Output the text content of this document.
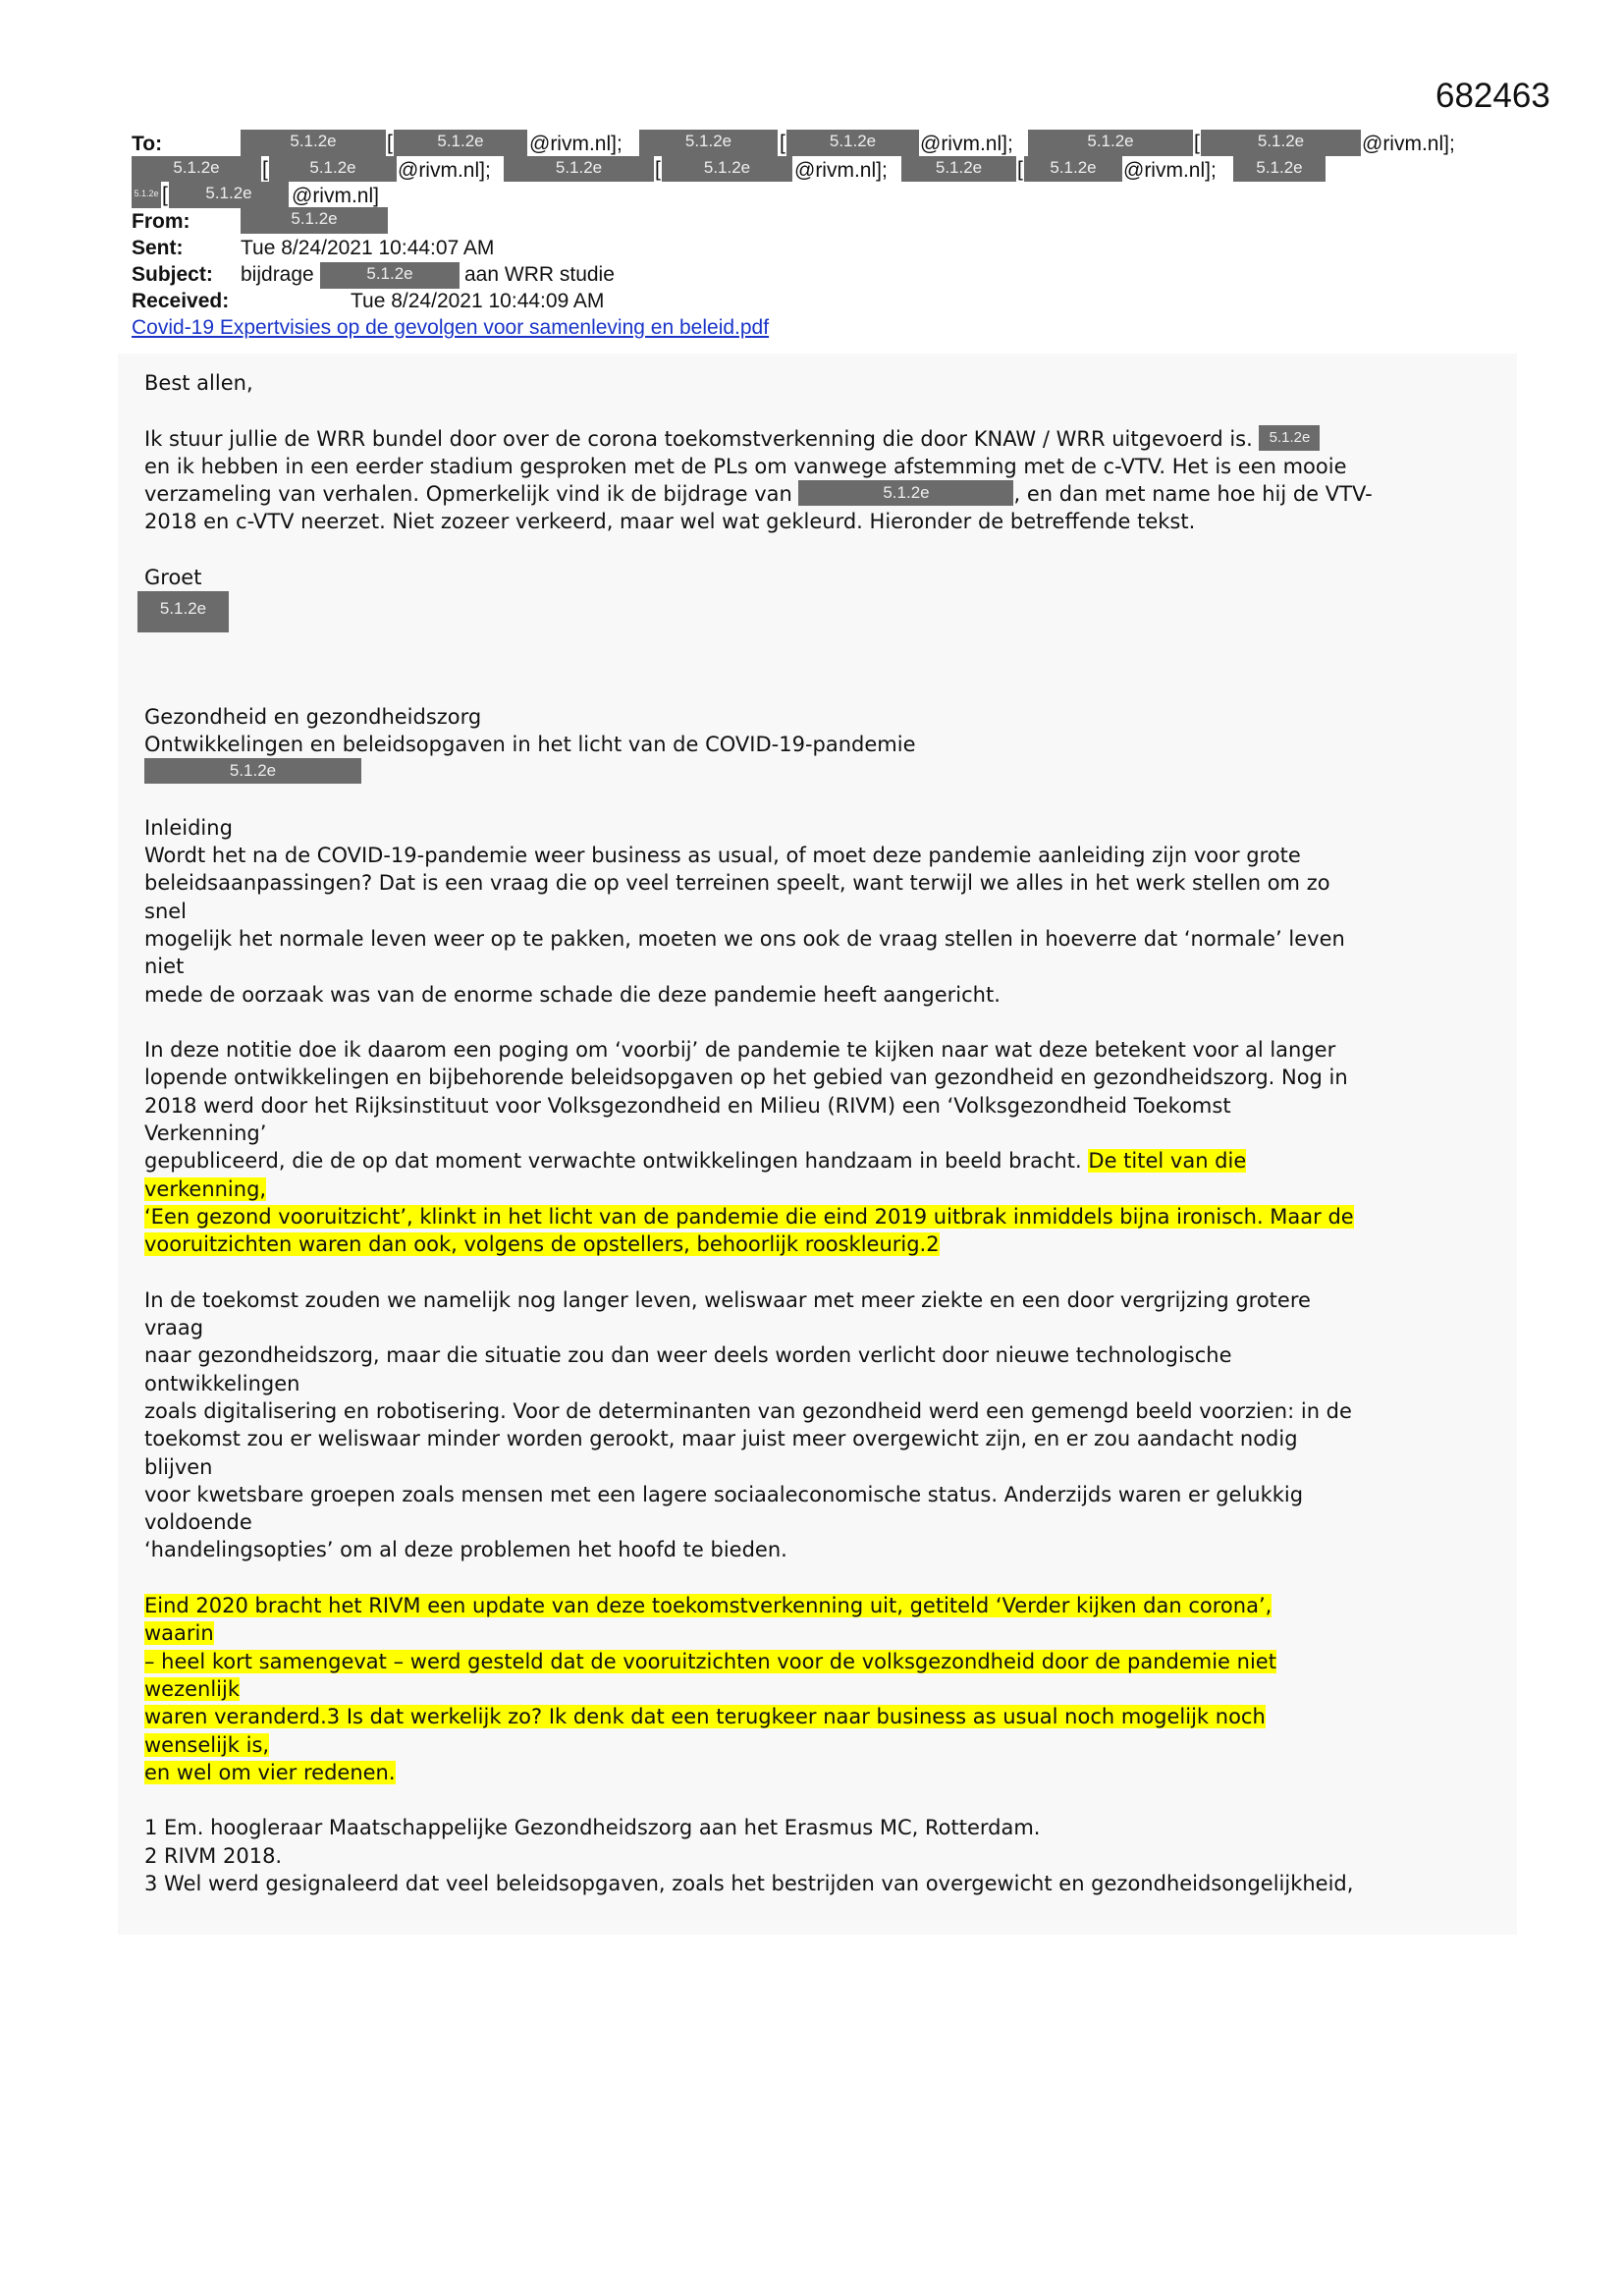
682463
To:	5.1.2e	[	5.1.2e	@rivm.nl];	5.1.2e	[	5.1.2e	@rivm.nl];	5.1.2e	[	5.1.2e	@rivm.nl];
5.1.2e	[	5.1.2e	@rivm.nl];	5.1.2e	[	5.1.2e	@rivm.nl];	5.1.2e	[	5.1.2e	@rivm.nl];	5.1.2e
5.1.2e [	5.1.2e	@rivm.nl]
From:	5.1.2e
Sent:	Tue 8/24/2021 10:44:07 AM
Subject: bijdrage	5.1.2e	aan WRR studie
Received:	Tue 8/24/2021 10:44:09 AM
Covid-19 Expertvisies op de gevolgen voor samenleving en beleid.pdf
Best allen,
Ik stuur jullie de WRR bundel door over de corona toekomstverkenning die door KNAW / WRR uitgevoerd is. 5.1.2e
en ik hebben in een eerder stadium gesproken met de PLs om vanwege afstemming met de c-VTV. Het is een mooie
verzameling van verhalen. Opmerkelijk vind ik de bijdrage van	5.1.2e	, en dan met name hoe hij de VTV-
2018 en c-VTV neerzet. Niet zozeer verkeerd, maar wel wat gekleurd. Hieronder de betreffende tekst.
Groet
5.1.2e
Gezondheid en gezondheidszorg
Ontwikkelingen en beleidsopgaven in het licht van de COVID-19-pandemie
5.1.2e
Inleiding
Wordt het na de COVID-19-pandemie weer business as usual, of moet deze pandemie aanleiding zijn voor grote
beleidsaanpassingen? Dat is een vraag die op veel terreinen speelt, want terwijl we alles in het werk stellen om zo
snel
mogelijk het normale leven weer op te pakken, moeten we ons ook de vraag stellen in hoeverre dat ‘normale’ leven
niet
mede de oorzaak was van de enorme schade die deze pandemie heeft aangericht.
In deze notitie doe ik daarom een poging om ‘voorbij’ de pandemie te kijken naar wat deze betekent voor al langer
lopende ontwikkelingen en bijbehorende beleidsopgaven op het gebied van gezondheid en gezondheidszorg. Nog in
2018 werd door het Rijksinstituut voor Volksgezondheid en Milieu (RIVM) een ‘Volksgezondheid Toekomst
Verkenning’
gepubliceerd, die de op dat moment verwachte ontwikkelingen handzaam in beeld bracht. De titel van die
verkenning,
‘Een gezond vooruitzicht’, klinkt in het licht van de pandemie die eind 2019 uitbrak inmiddels bijna ironisch. Maar de
vooruitzichten waren dan ook, volgens de opstellers, behoorlijk rooskleurig.2
In de toekomst zouden we namelijk nog langer leven, weliswaar met meer ziekte en een door vergrijzing grotere
vraag
naar gezondheidszorg, maar die situatie zou dan weer deels worden verlicht door nieuwe technologische
ontwikkelingen
zoals digitalisering en robotisering. Voor de determinanten van gezondheid werd een gemengd beeld voorzien: in de
toekomst zou er weliswaar minder worden gerookt, maar juist meer overgewicht zijn, en er zou aandacht nodig
blijven
voor kwetsbare groepen zoals mensen met een lagere sociaaleconomische status. Anderzijds waren er gelukkig
voldoende
‘handelingsopties’ om al deze problemen het hoofd te bieden.
Eind 2020 bracht het RIVM een update van deze toekomstverkenning uit, getiteld ‘Verder kijken dan corona’,
waarin
– heel kort samengevat – werd gesteld dat de vooruitzichten voor de volksgezondheid door de pandemie niet
wezenlijk
waren veranderd.3 Is dat werkelijk zo? Ik denk dat een terugkeer naar business as usual noch mogelijk noch
wenselijk is,
en wel om vier redenen.
1 Em. hoogleraar Maatschappelijke Gezondheidszorg aan het Erasmus MC, Rotterdam.
2 RIVM 2018.
3 Wel werd gesignaleerd dat veel beleidsopgaven, zoals het bestrijden van overgewicht en gezondheidsongelijkheid,
